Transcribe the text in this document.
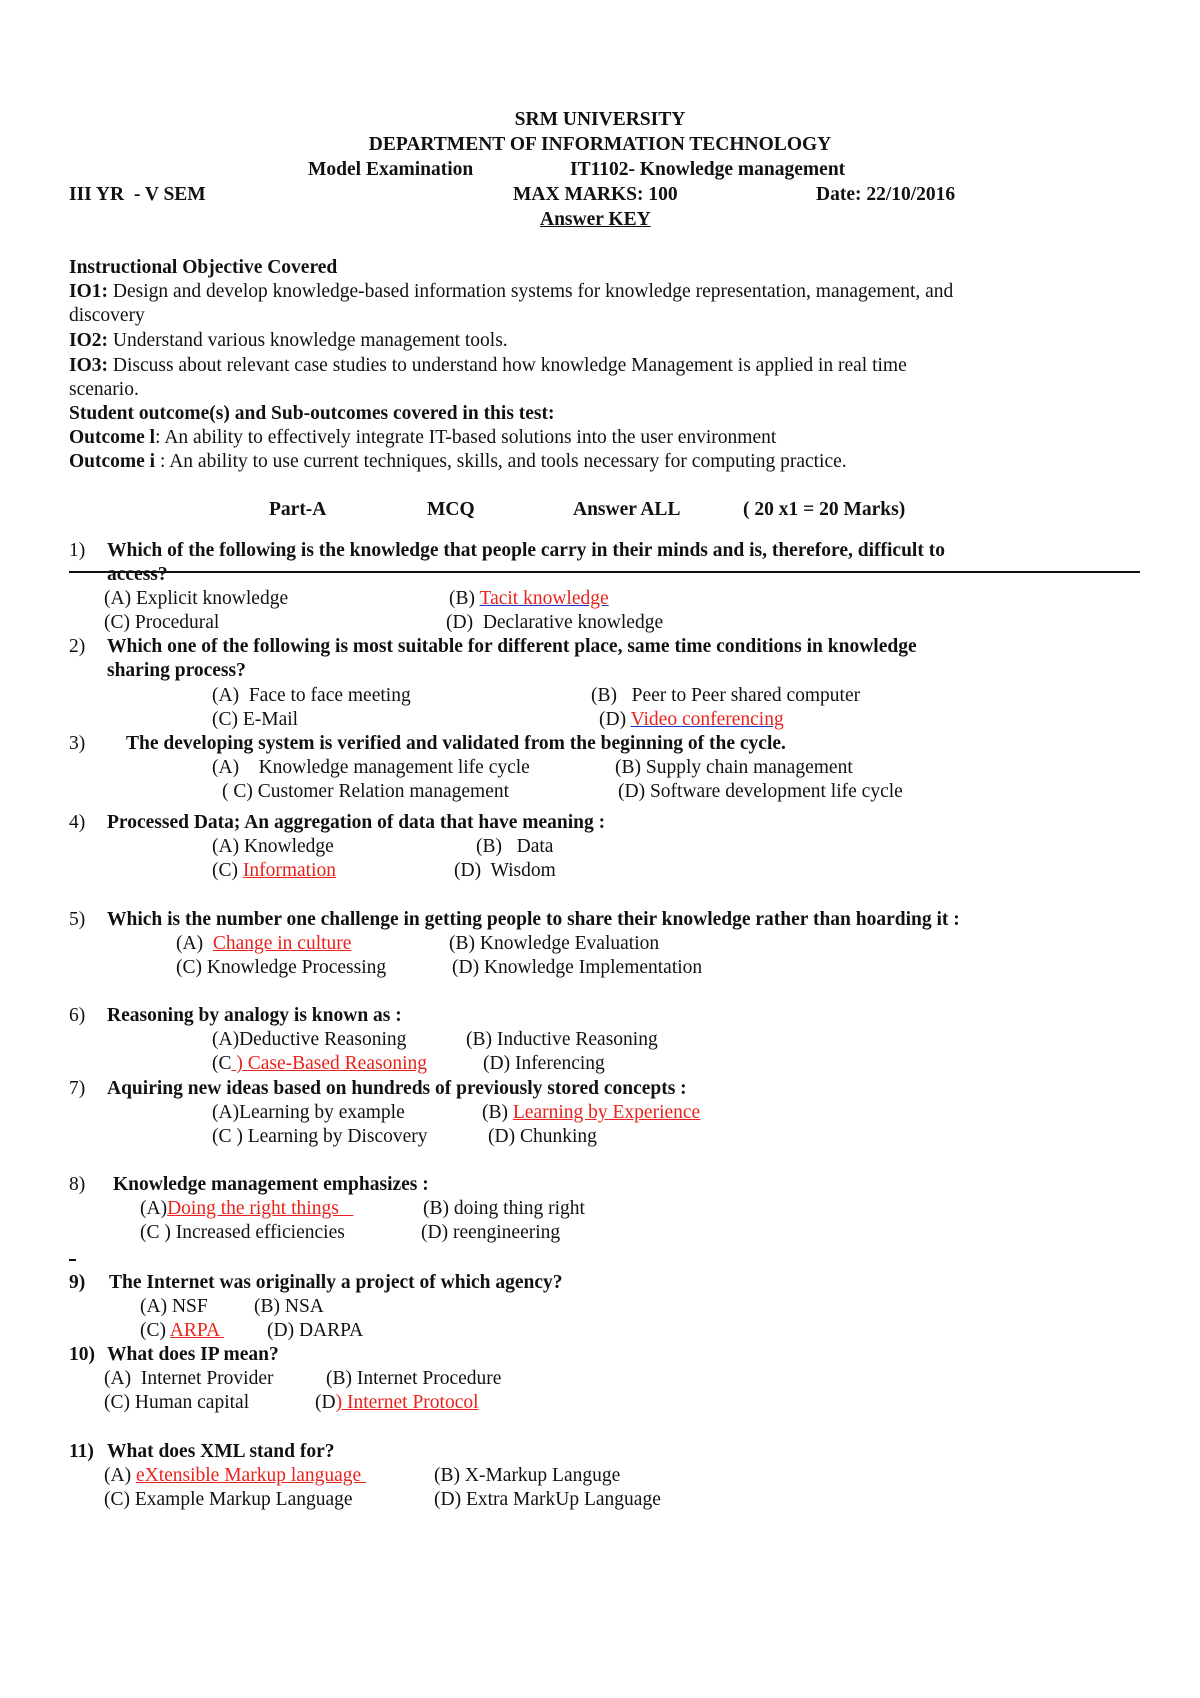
SRM UNIVERSITY
DEPARTMENT OF INFORMATION TECHNOLOGY
Model Examination	IT1102- Knowledge management
III YR  - V SEM	MAX MARKS: 100	Date: 22/10/2016
Answer KEY
Instructional Objective Covered
IO1: Design and develop knowledge-based information systems for knowledge representation, management, and
discovery
IO2: Understand various knowledge management tools.
IO3: Discuss about relevant case studies to understand how knowledge Management is applied in real time
scenario.
Student outcome(s) and Sub-outcomes covered in this test:
Outcome l: An ability to effectively integrate IT-based solutions into the user environment
Outcome i : An ability to use current techniques, skills, and tools necessary for computing practice.
Part-A	MCQ	Answer ALL	( 20 x1 = 20 Marks)
1) Which of the following is the knowledge that people carry in their minds and is, therefore, difficult to
access?
(A) Explicit knowledge	(B) Tacit knowledge
(C) Procedural	(D)  Declarative knowledge
2) Which one of the following is most suitable for different place, same time conditions in knowledge
sharing process?
(A)  Face to face meeting	(B)   Peer to Peer shared computer
(C) E-Mail	(D) Video conferencing
3) The developing system is verified and validated from the beginning of the cycle.
(A)    Knowledge management life cycle	(B) Supply chain management
( C) Customer Relation management	(D) Software development life cycle
4) Processed Data; An aggregation of data that have meaning :
(A) Knowledge	(B)   Data
(C) Information	(D)  Wisdom
5) Which is the number one challenge in getting people to share their knowledge rather than hoarding it :
(A)  Change in culture	(B) Knowledge Evaluation
(C) Knowledge Processing	(D) Knowledge Implementation
6) Reasoning by analogy is known as :
(A)Deductive Reasoning	(B) Inductive Reasoning
(C ) Case-Based Reasoning	(D) Inferencing
7) Aquiring new ideas based on hundreds of previously stored concepts :
(A)Learning by example	(B) Learning by Experience
(C ) Learning by Discovery	(D) Chunking
8) Knowledge management emphasizes :
(A)Doing the right things	(B) doing thing right
(C ) Increased efficiencies	(D) reengineering
9) The Internet was originally a project of which agency?
(A) NSF (B) NSA
(C) ARPA (D) DARPA
10) What does IP mean?
(A)  Internet Provider	(B) Internet Procedure
(C) Human capital	(D) Internet Protocol
11) What does XML stand for?
(A) eXtensible Markup language	(B) X-Markup Languge
(C) Example Markup Language	(D) Extra MarkUp Language
